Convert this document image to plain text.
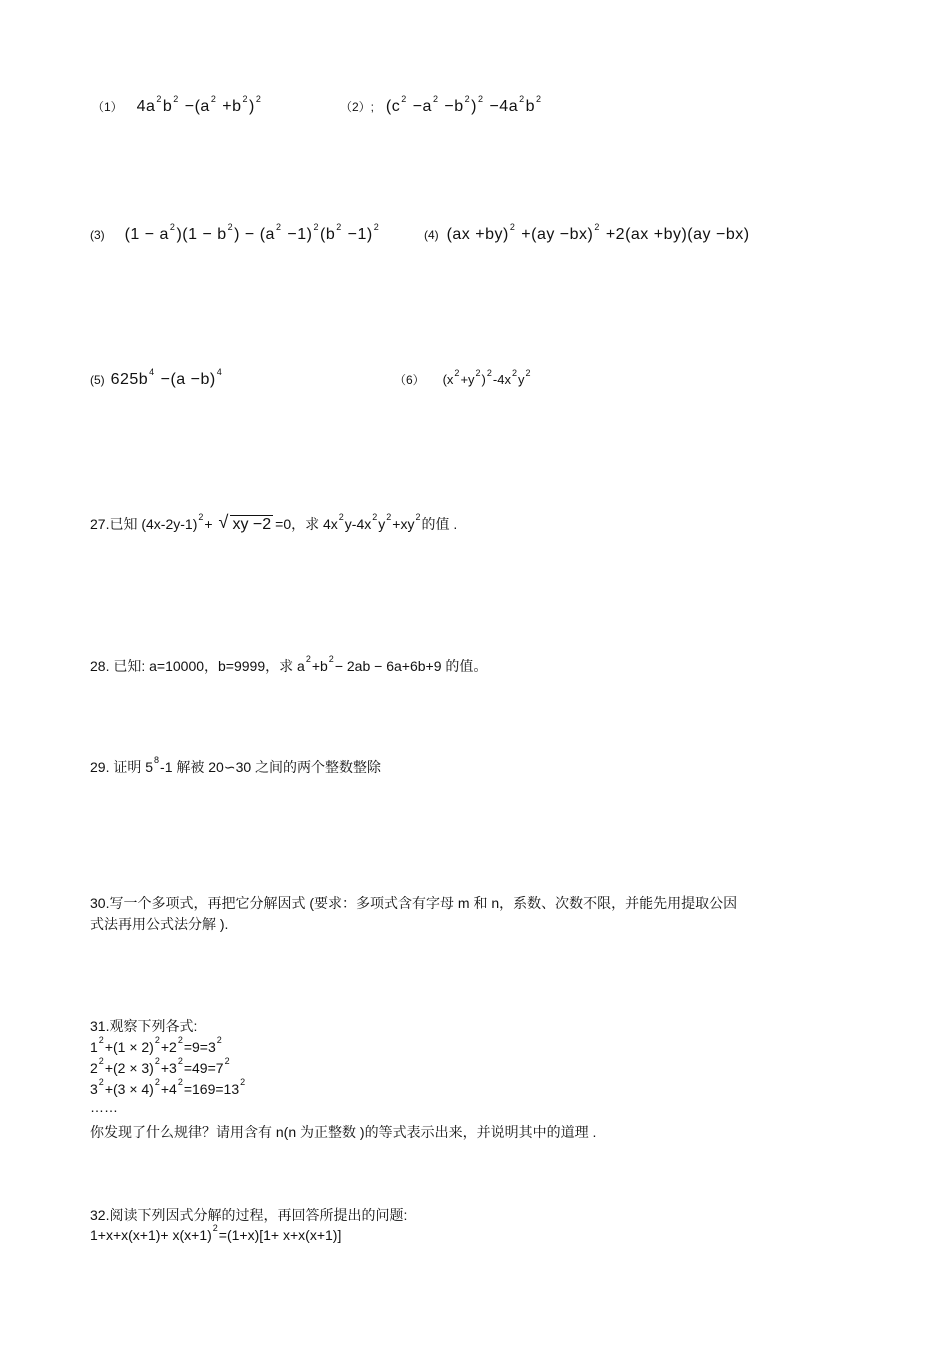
（1） $4a^2b^2 -(a^2 +b^2)^2$
（2）; $(c^2 -a^2 -b^2)^2 -4a^2b^2$
(3) $(1 - a^2)(1 - b^2) - (a^2 -1)^2(b^2 -1)^2$
(4) (ax +by)$^2$ +(ay −bx)$^2$ +2(ax +by)(ay −bx)
(5) $625b^4 -(a -b)^4$
（6） $(x^2+y^2)^2-4x^2y^2$
27.已知 $(4x-2y-1)^2+$ √ xy −2 =0，求 $4x^2y-4x^2y^2+xy^2$的值 .
28. 已知: a=10000，b=9999，求 $a^2+b^2- 2ab - 6a+6b+9$ 的值。
29. 证明 $5^8-1$ 解被 20∽30 之间的两个整数整除
30.写一个多项式，再把它分解因式 (要求：多项式含有字母 m 和 n，系数、次数不限，并能先用提取公因
式法再用公式法分解 ).
31.观察下列各式:
$1^2+(1 \times 2)^2+2^2=9=3^2$
$2^2+(2 \times 3)^2+3^2=49=7^2$
$3^2+(3 \times 4)^2+4^2=169=13^2$
……
你发现了什么规律？请用含有 n(n 为正整数 )的等式表示出来，并说明其中的道理 .
32.阅读下列因式分解的过程，再回答所提出的问题:
$1+x+x(x+1)+ x(x+1)^2=(1+x)[1+ x+x(x+1)]$
